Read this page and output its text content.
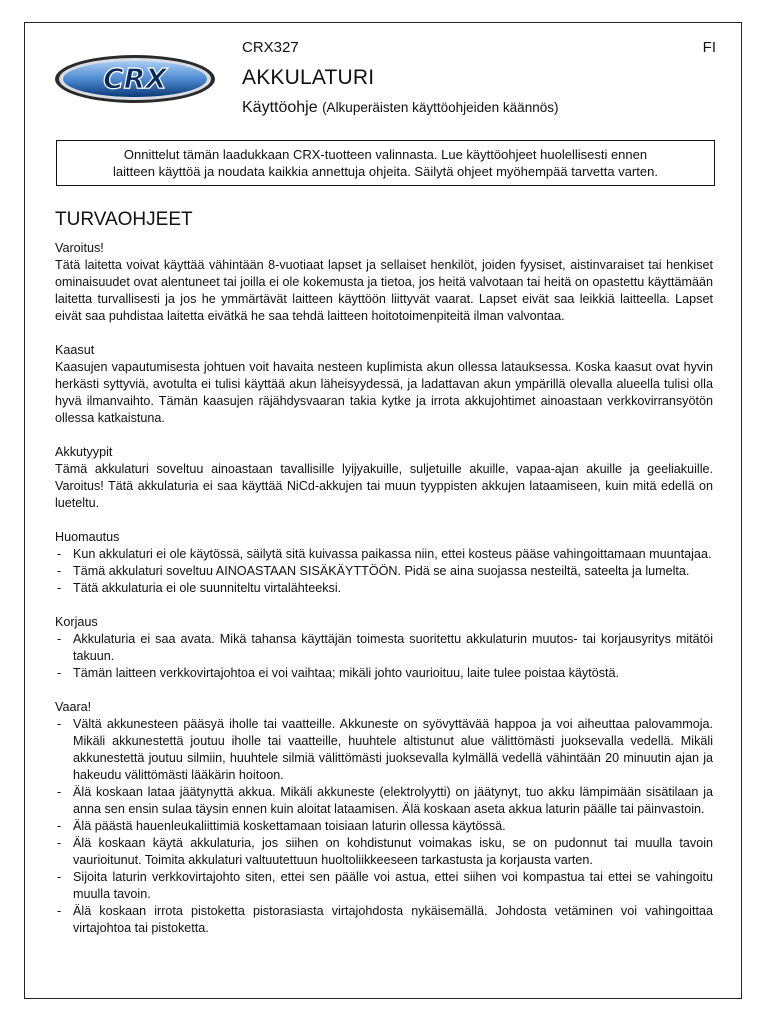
CRX
CRX327	FI
AKKULATURI
Käyttöohje (Alkuperäisten käyttöohjeiden käännös)
Onnittelut tämän laadukkaan CRX-tuotteen valinnasta. Lue käyttöohjeet huolellisesti ennen
laitteen käyttöä ja noudata kaikkia annettuja ohjeita. Säilytä ohjeet myöhempää tarvetta varten.
TURVAOHJEET

Varoitus!

Tätä laitetta voivat käyttää vähintään 8-vuotiaat lapset ja sellaiset henkilöt, joiden fyysiset, aistinvaraiset tai henkiset ominaisuudet ovat alentuneet tai joilla ei ole kokemusta ja tietoa, jos heitä valvotaan tai heitä on opastettu käyttämään laitetta turvallisesti ja jos he ymmärtävät laitteen käyttöön liittyvät vaarat. Lapset eivät saa leikkiä laitteella. Lapset eivät saa puhdistaa laitetta eivätkä he saa tehdä laitteen hoitotoimenpiteitä ilman valvontaa.

Kaasut

Kaasujen vapautumisesta johtuen voit havaita nesteen kuplimista akun ollessa latauksessa. Koska kaasut ovat hyvin herkästi syttyviä, avotulta ei tulisi käyttää akun läheisyydessä, ja ladattavan akun ympärillä olevalla alueella tulisi olla hyvä ilmanvaihto. Tämän kaasujen räjähdysvaaran takia kytke ja irrota akkujohtimet ainoastaan verkkovirransyötön ollessa katkaistuna.

Akkutyypit

Tämä akkulaturi soveltuu ainoastaan tavallisille lyijyakuille, suljetuille akuille, vapaa-ajan akuille ja geeliakuille. Varoitus! Tätä akkulaturia ei saa käyttää NiCd-akkujen tai muun tyyppisten akkujen lataamiseen, kuin mitä edellä on lueteltu.

Huomautus

- Kun akkulaturi ei ole käytössä, säilytä sitä kuivassa paikassa niin, ettei kosteus pääse vahingoittamaan muuntajaa.
- Tämä akkulaturi soveltuu AINOASTAAN SISÄKÄYTTÖÖN. Pidä se aina suojassa nesteiltä, sateelta ja lumelta.
- Tätä akkulaturia ei ole suunniteltu virtalähteeksi.

Korjaus

- Akkulaturia ei saa avata. Mikä tahansa käyttäjän toimesta suoritettu akkulaturin muutos- tai korjausyritys mitätöi takuun.
- Tämän laitteen verkkovirtajohtoa ei voi vaihtaa; mikäli johto vaurioituu, laite tulee poistaa käytöstä.

Vaara!

- Vältä akkunesteen pääsyä iholle tai vaatteille. Akkuneste on syövyttävää happoa ja voi aiheuttaa palovammoja. Mikäli akkunestettä joutuu iholle tai vaatteille, huuhtele altistunut alue välittömästi juoksevalla vedellä. Mikäli akkunestettä joutuu silmiin, huuhtele silmiä välittömästi juoksevalla kylmällä vedellä vähintään 20 minuutin ajan ja hakeudu välittömästi lääkärin hoitoon.
- Älä koskaan lataa jäätynyttä akkua. Mikäli akkuneste (elektrolyytti) on jäätynyt, tuo akku lämpimään sisätilaan ja anna sen ensin sulaa täysin ennen kuin aloitat lataamisen. Älä koskaan aseta akkua laturin päälle tai päinvastoin.
- Älä päästä hauenleukaliittimiä koskettamaan toisiaan laturin ollessa käytössä.
- Älä koskaan käytä akkulaturia, jos siihen on kohdistunut voimakas isku, se on pudonnut tai muulla tavoin vaurioitunut. Toimita akkulaturi valtuutettuun huoltoliikkeeseen tarkastusta ja korjausta varten.
- Sijoita laturin verkkovirtajohto siten, ettei sen päälle voi astua, ettei siihen voi kompastua tai ettei se vahingoitu muulla tavoin.
- Älä koskaan irrota pistoketta pistorasiasta virtajohdosta nykäisemällä. Johdosta vetäminen voi vahingoittaa virtajohtoa tai pistoketta.
